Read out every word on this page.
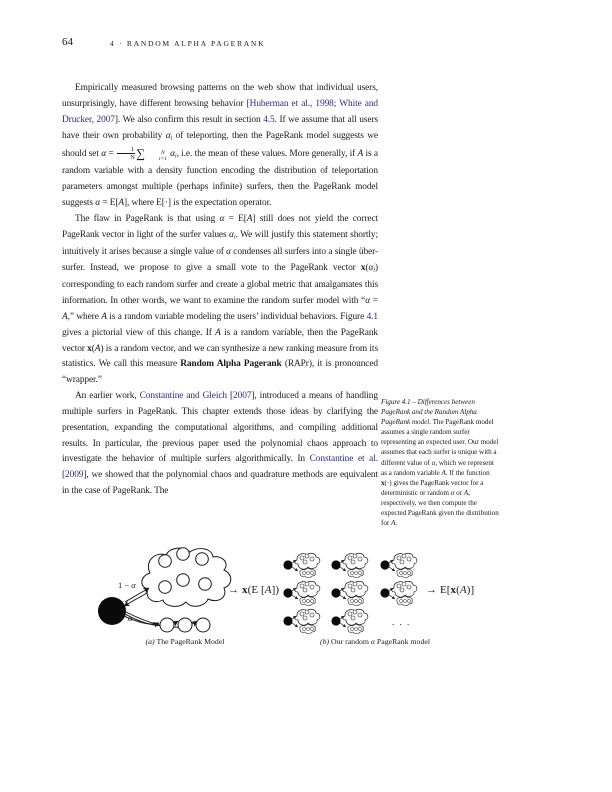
64	4 · RANDOM ALPHA PAGERANK

Empirically measured browsing patterns on the web show that individual users, unsurprisingly, have different browsing behavior [Huberman et al., 1998; White and Drucker, 2007]. We also confirm this result in section 4.5. If we assume that all users have their own probability αi of teleporting, then the PageRank model suggests we should set $\alpha = \frac{1}{N}$ ∑	N
i=1 αi, i.e. the mean of these values. More generally, if A is a random variable with a density function encoding the distribution of teleportation parameters amongst multiple (perhaps infinite) surfers, then the PageRank model suggests α = E[A], where E[·] is the expectation operator.

The flaw in PageRank is that using α = E[A] still does not yield the correct PageRank vector in light of the surfer values αi. We will justify this statement shortly; intuitively it arises because a single value of α condenses all surfers into a single über-surfer. Instead, we propose to give a small vote to the PageRank vector x(αi) corresponding to each random surfer and create a global metric that amalgamates this information. In other words, we want to examine the random surfer model with “α = A,” where A is a random variable modeling the users’ individual behaviors. Figure 4.1 gives a pictorial view of this change. If A is a random variable, then the PageRank vector x(A) is a random vector, and we can synthesize a new ranking measure from its statistics. We call this measure Random Alpha Pagerank (RAPr), it is pronounced “wrapper.”

An earlier work, Constantine and Gleich [2007], introduced a means of handling multiple surfers in PageRank. This chapter extends those ideas by clarifying the presentation, expanding the computational algorithms, and compiling additional results. In particular, the previous paper used the polynomial chaos approach to investigate the behavior of multiple surfers algorithmically. In Constantine et al. [2009], we showed that the polynomial chaos and quadrature methods are equivalent in the case of PageRank. The

Figure 4.1 – Differences between PageRank and the Random Alpha PageRank model. The PageRank model assumes a single random surfer representing an expected user. Our model assumes that each surfer is unique with a different value of α, which we represent as a random variable A. If the function x(·) gives the PageRank vector for a deterministic or random α or A, respectively, we then compute the expected PageRank given the distribution for A.
1 − α
α
→ x(E [A])
. . .
→ E[x(A)]
(a) The PageRank Model	(b) Our random α PageRank model
